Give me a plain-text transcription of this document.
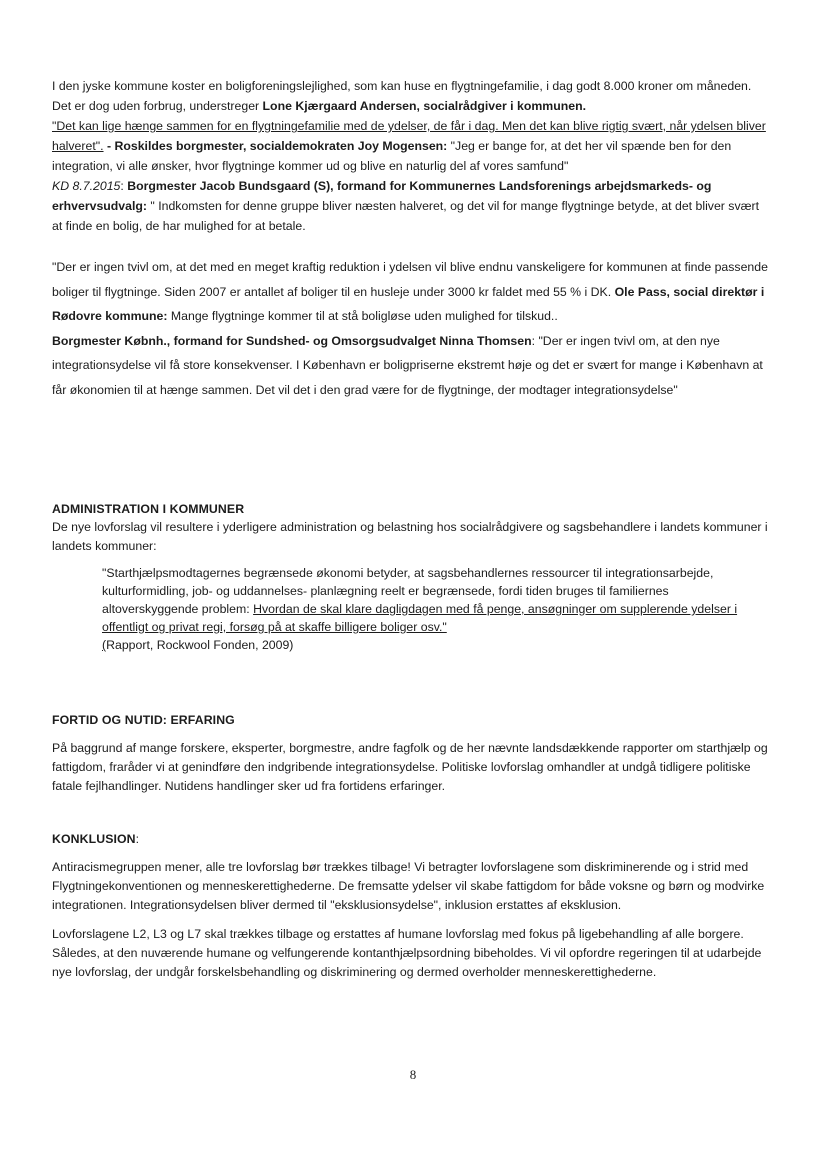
I den jyske kommune koster en boligforeningslejlighed, som kan huse en flygtningefamilie, i dag godt 8.000 kroner om måneden. Det er dog uden forbrug, understreger Lone Kjærgaard Andersen, socialrådgiver i kommunen.

"Det kan lige hænge sammen for en flygtningefamilie med de ydelser, de får i dag. Men det kan blive rigtig svært, når ydelsen bliver halveret". - Roskildes borgmester, socialdemokraten Joy Mogensen: "Jeg er bange for, at det her vil spænde ben for den integration, vi alle ønsker, hvor flygtninge kommer ud og blive en naturlig del af vores samfund"

KD 8.7.2015: Borgmester Jacob Bundsgaard (S), formand for Kommunernes Landsforenings arbejdsmarkeds- og erhvervsudvalg: " Indkomsten for denne gruppe bliver næsten halveret, og det vil for mange flygtninge betyde, at det bliver svært at finde en bolig, de har mulighed for at betale.

"Der er ingen tvivl om, at det med en meget kraftig reduktion i ydelsen vil blive endnu vanskeligere for kommunen at finde passende boliger til flygtninge. Siden 2007 er antallet af boliger til en husleje under 3000 kr faldet med 55 % i DK. Ole Pass, social direktør i Rødovre kommune: Mange flygtninge kommer til at stå boligløse uden mulighed for tilskud..

Borgmester Købnh., formand for Sundshed- og Omsorgsudvalget Ninna Thomsen: "Der er ingen tvivl om, at den nye integrationsydelse vil få store konsekvenser. I København er boligpriserne ekstremt høje og det er svært for mange i København at får økonomien til at hænge sammen. Det vil det i den grad være for de flygtninge, der modtager integrationsydelse"

ADMINISTRATION I KOMMUNER
De nye lovforslag vil resultere i yderligere administration og belastning hos socialrådgivere og sagsbehandlere i landets kommuner i landets kommuner:
"Starthjælpsmodtagernes begrænsede økonomi betyder, at sagsbehandlernes ressourcer til integrationsarbejde, kulturformidling, job- og uddannelses- planlægning reelt er begrænsede, fordi tiden bruges til familiernes altoverskyggende problem: Hvordan de skal klare dagligdagen med få penge, ansøgninger om supplerende ydelser i offentligt og privat regi, forsøg på at skaffe billigere boliger osv."
(Rapport, Rockwool Fonden, 2009)
FORTID OG NUTID: ERFARING
På baggrund af mange forskere, eksperter, borgmestre, andre fagfolk og de her nævnte landsdækkende rapporter om starthjælp og fattigdom, fraråder vi at genindføre den indgribende integrationsydelse. Politiske lovforslag omhandler at undgå tidligere politiske fatale fejlhandlinger. Nutidens handlinger sker ud fra fortidens erfaringer.
KONKLUSION:
Antiracismegruppen mener, alle tre lovforslag bør trækkes tilbage! Vi betragter lovforslagene som diskriminerende og i strid med Flygtningekonventionen og menneskerettighederne. De fremsatte ydelser vil skabe fattigdom for både voksne og børn og modvirke integrationen. Integrationsydelsen bliver dermed til "eksklusionsydelse", inklusion erstattes af eksklusion.
Lovforslagene L2, L3 og L7 skal trækkes tilbage og erstattes af humane lovforslag med fokus på ligebehandling af alle borgere. Således, at den nuværende humane og velfungerende kontanthjælpsordning bibeholdes. Vi vil opfordre regeringen til at udarbejde nye lovforslag, der undgår forskelsbehandling og diskriminering og dermed overholder menneskerettighederne.
8
